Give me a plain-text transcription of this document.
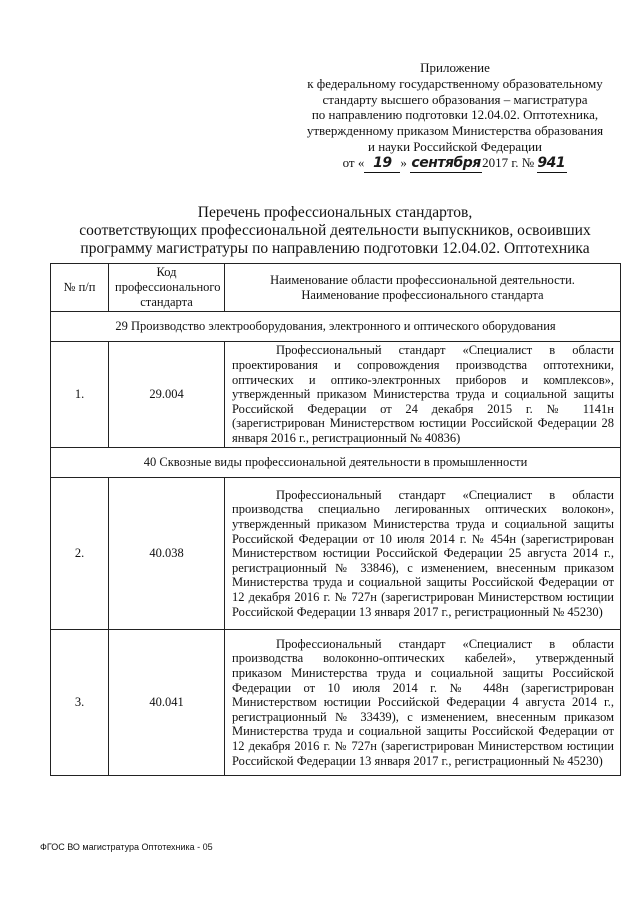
Приложение
к федеральному государственному образовательному
стандарту высшего образования – магистратура
по направлению подготовки 12.04.02. Оптотехника,
утвержденному приказом Министерства образования
и науки Российской Федерации
от « 19 » сентября2017 г. № 941
Перечень профессиональных стандартов,
соответствующих профессиональной деятельности выпускников, освоивших
программу магистратуры по направлению подготовки 12.04.02. Оптотехника
№ п/п	Код профессионального стандарта	Наименование области профессиональной деятельности.
Наименование профессионального стандарта

29 Производство электрооборудования, электронного и оптического оборудования		
1.	29.004	Профессиональный стандарт «Специалист в области проектирования и сопровождения производства оптотехники, оптических и оптико-электронных приборов и комплексов», утвержденный приказом Министерства труда и социальной защиты Российской Федерации от 24 декабря 2015 г. № 1141н (зарегистрирован Министерством юстиции Российской Федерации 28 января 2016 г., регистрационный № 40836)
40 Сквозные виды профессиональной деятельности в промышленности		
2.	40.038	Профессиональный стандарт «Специалист в области производства специально легированных оптических волокон», утвержденный приказом Министерства труда и социальной защиты Российской Федерации от 10 июля 2014 г. № 454н (зарегистрирован Министерством юстиции Российской Федерации 25 августа 2014 г., регистрационный № 33846), с изменением, внесенным приказом Министерства труда и социальной защиты Российской Федерации от 12 декабря 2016 г. № 727н (зарегистрирован Министерством юстиции Российской Федерации 13 января 2017 г., регистрационный № 45230)
3.	40.041	Профессиональный стандарт «Специалист в области производства волоконно-оптических кабелей», утвержденный приказом Министерства труда и социальной защиты Российской Федерации от 10 июля 2014 г. № 448н (зарегистрирован Министерством юстиции Российской Федерации 4 августа 2014 г., регистрационный № 33439), с изменением, внесенным приказом Министерства труда и социальной защиты Российской Федерации от 12 декабря 2016 г. № 727н (зарегистрирован Министерством юстиции Российской Федерации 13 января 2017 г., регистрационный № 45230)
ФГОС ВО магистратура Оптотехника - 05
